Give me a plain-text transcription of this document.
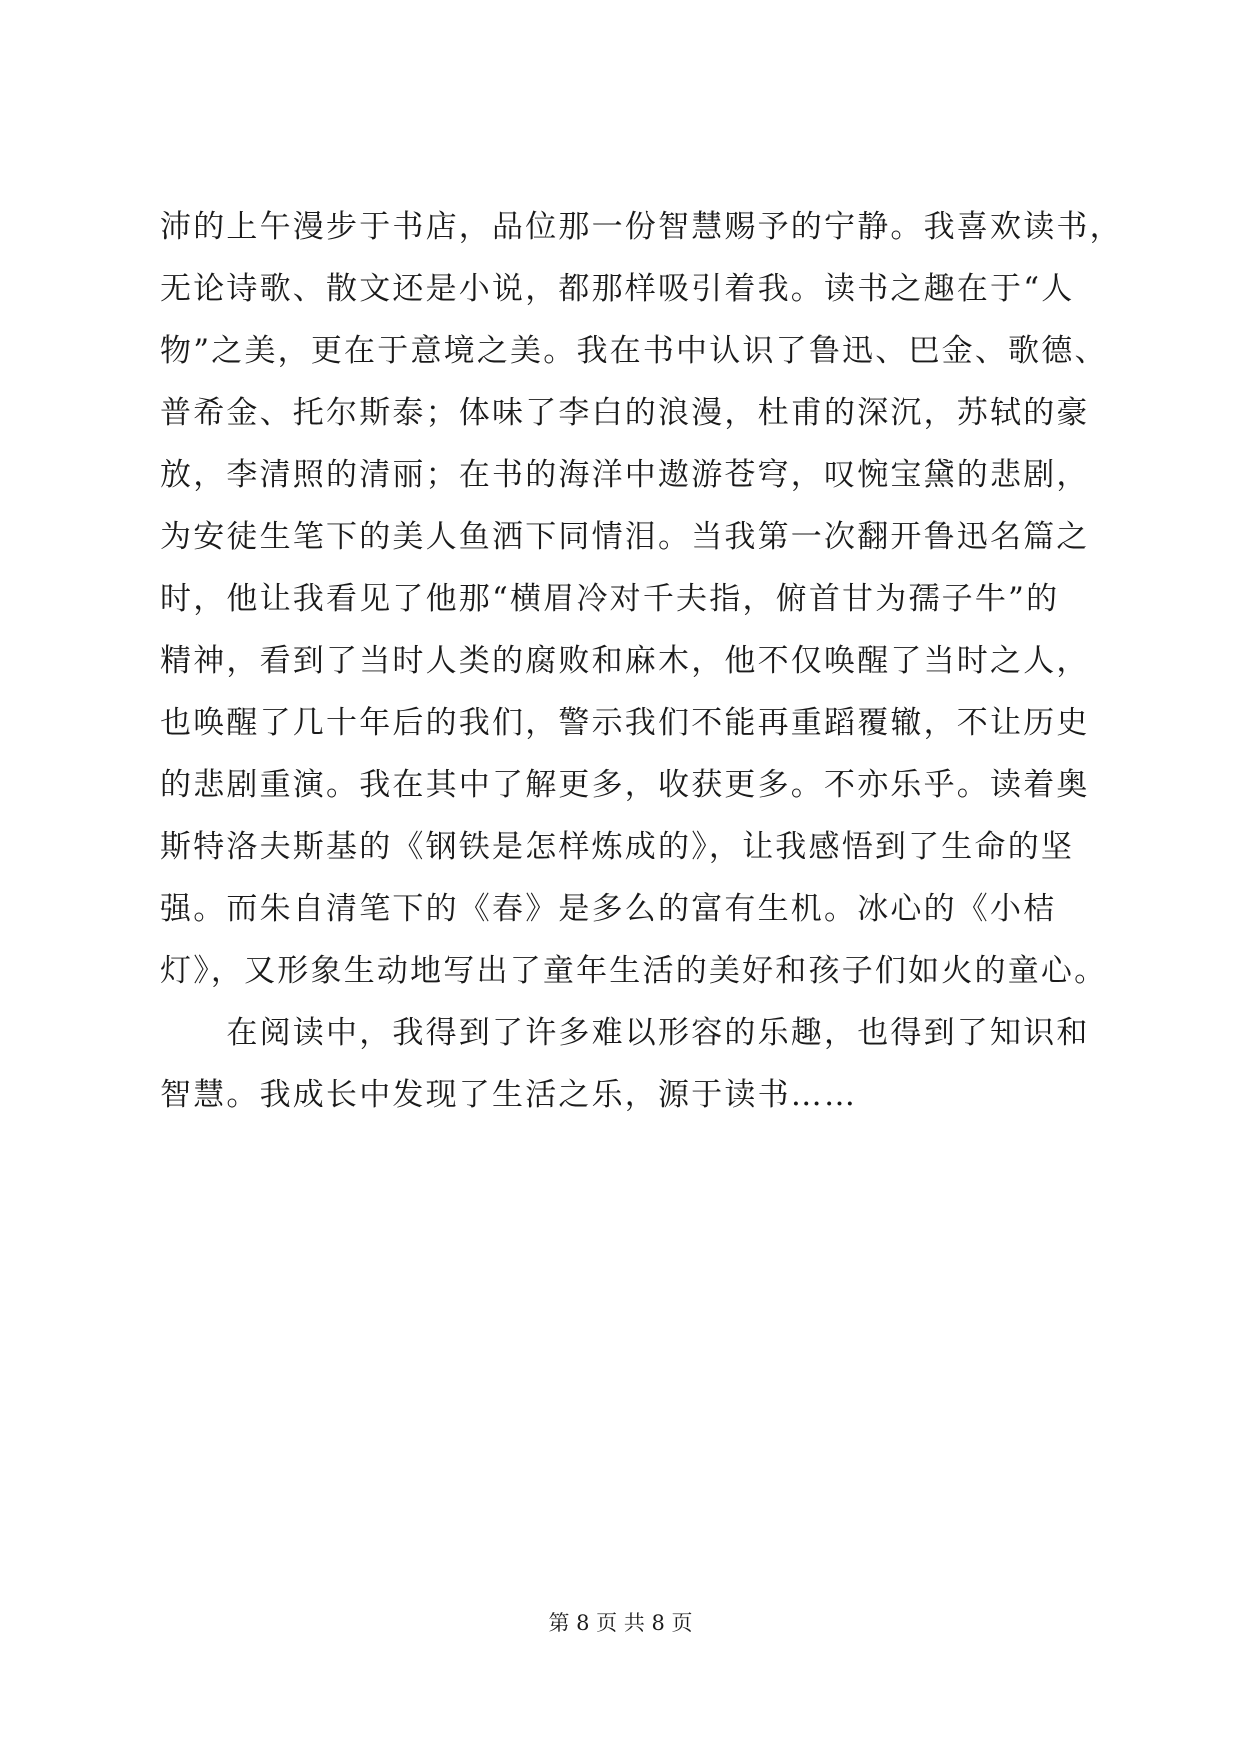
沛的上午漫步于书店，品位那一份智慧赐予的宁静。我喜欢读书，
无论诗歌、散文还是小说，都那样吸引着我。读书之趣在于“人
物”之美，更在于意境之美。我在书中认识了鲁迅、巴金、歌德、
普希金、托尔斯泰；体味了李白的浪漫，杜甫的深沉，苏轼的豪
放，李清照的清丽；在书的海洋中遨游苍穹，叹惋宝黛的悲剧，
为安徒生笔下的美人鱼洒下同情泪。当我第一次翻开鲁迅名篇之
时，他让我看见了他那“横眉冷对千夫指，俯首甘为孺子牛”的
精神，看到了当时人类的腐败和麻木，他不仅唤醒了当时之人，
也唤醒了几十年后的我们，警示我们不能再重蹈覆辙，不让历史
的悲剧重演。我在其中了解更多，收获更多。不亦乐乎。读着奥
斯特洛夫斯基的《钢铁是怎样炼成的》，让我感悟到了生命的坚
强。而朱自清笔下的《春》是多么的富有生机。冰心的《小桔
灯》，又形象生动地写出了童年生活的美好和孩子们如火的童心。
　　在阅读中，我得到了许多难以形容的乐趣，也得到了知识和
智慧。我成长中发现了生活之乐，源于读书……
第 8 页 共 8 页
